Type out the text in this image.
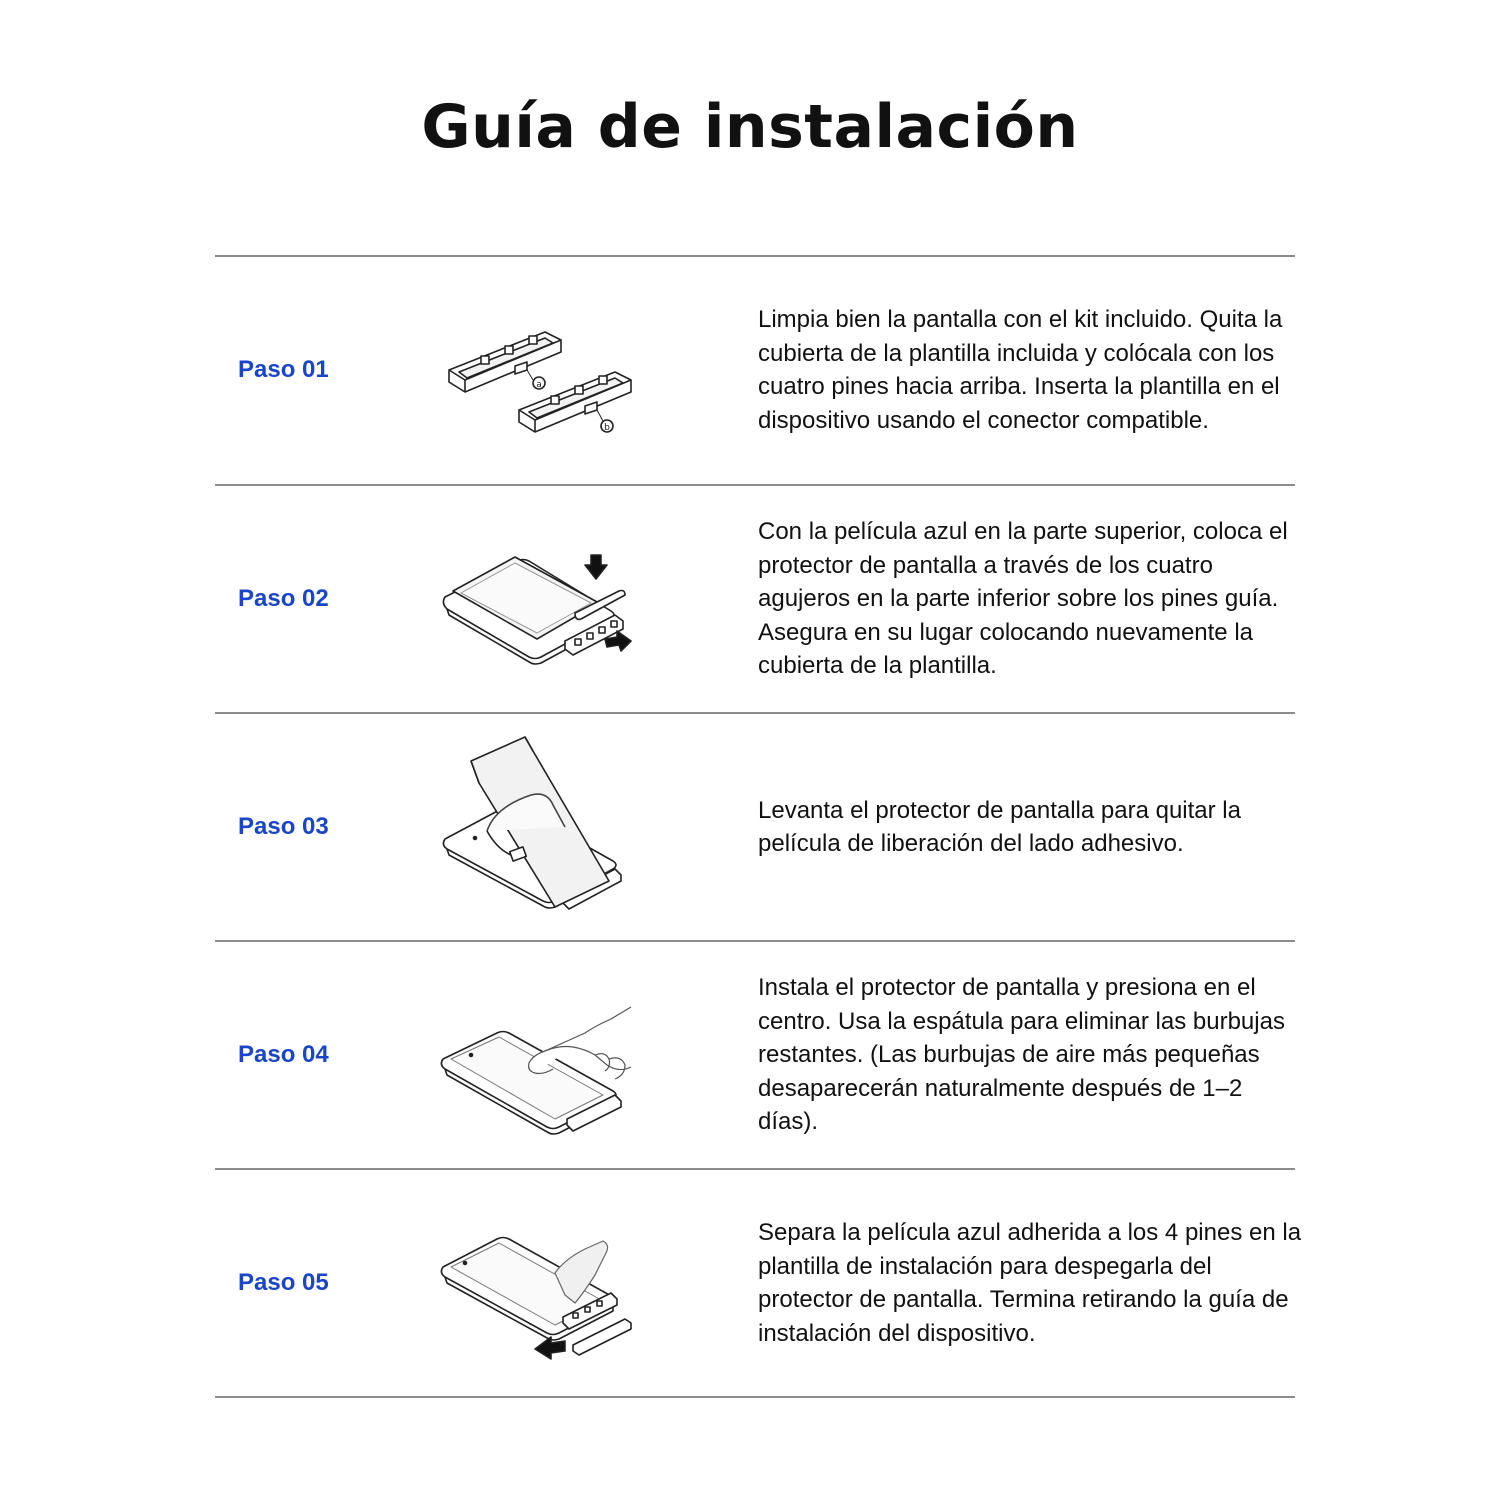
Guía de instalación
Paso 01
a
b

Limpia bien la pantalla con el kit incluido. Quita la cubierta de la plantilla incluida y colócala con los cuatro pines hacia arriba. Inserta la plantilla en el dispositivo usando el conector compatible.

Paso 02

Con la película azul en la parte superior, coloca el protector de pantalla a través de los cuatro agujeros en la parte inferior sobre los pines guía. Asegura en su lugar colocando nuevamente la cubierta de la plantilla.

Paso 03

Levanta el protector de pantalla para quitar la película de liberación del lado adhesivo.

Paso 04

Instala el protector de pantalla y presiona en el centro. Usa la espátula para eliminar las burbujas restantes. (Las burbujas de aire más pequeñas desaparecerán naturalmente después de 1–2 días).

Paso 05

Separa la película azul adherida a los 4 pines en la plantilla de instalación para despegarla del protector de pantalla. Termina retirando la guía de instalación del dispositivo.
